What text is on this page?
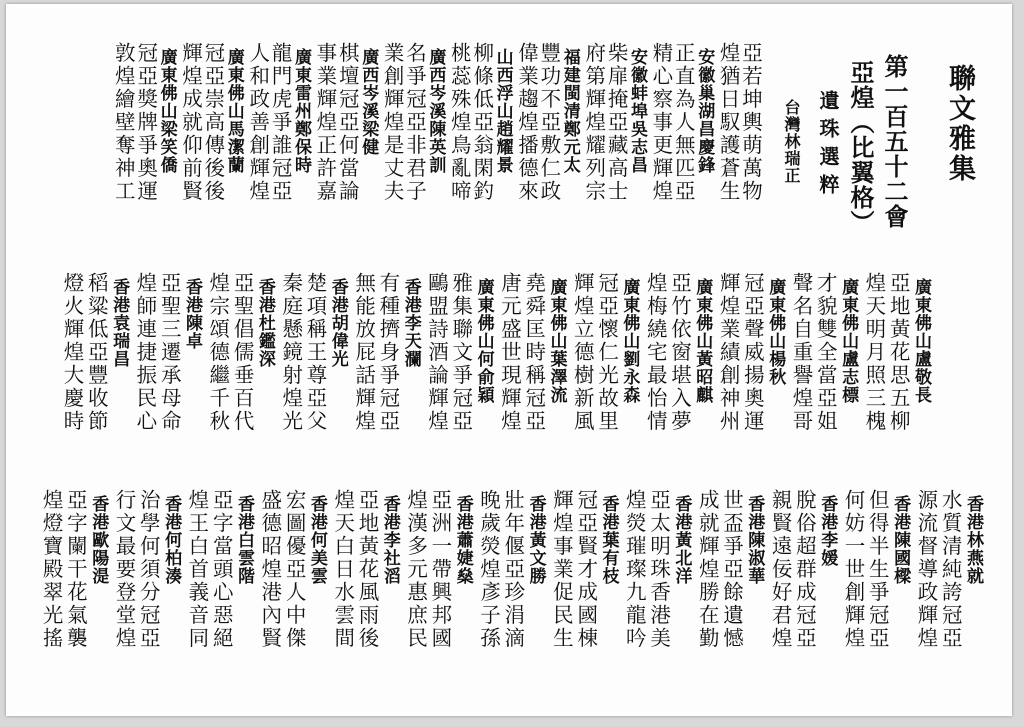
聯文雅集
第一百五十二會
亞煌（比翼格）
遺珠選粹
台灣林瑞正
亞若坤輿萌萬物
煌猶日馭護蒼生
安徽巢湖昌慶鋒
正直為人無匹亞
精心察事更輝煌
安徽蚌埠吳志昌
柴扉掩亞藏高士
府第輝煌耀列宗
福建閩清鄭元太
豐功不亞敷仁政
偉業趨煌播德來
山西浮山趙耀景
柳條低亞翁閑釣
桃蕊殊煌鳥亂啼
廣西岑溪陳英訓
名爭冠亞非君子
業創輝煌是丈夫
廣西岑溪梁健
棋壇冠亞何當論
事業輝煌正許嘉
廣東雷州鄭保時
龍門虎爭誰冠亞
人和政善創輝煌
廣東佛山馬潔蘭
冠亞崇高傳後後
輝煌成就仰前賢
廣東佛山梁笑僑
冠亞獎牌爭奧運
敦煌繪壁奪神工
廣東佛山盧敬長
亞地黃花思五柳
煌天明月照三槐
廣東佛山盧志標
才貌雙全當亞姐
聲名自重譽煌哥
廣東佛山楊秋
冠亞聲威揚奧運
輝煌業績創神州
廣東佛山黃昭麒
亞竹依窗堪入夢
煌梅繞宅最怡情
廣東佛山劉永森
冠亞懷仁光故里
輝煌立德樹新風
廣東佛山葉澤流
堯舜匡時稱冠亞
唐元盛世現輝煌
廣東佛山何俞穎
雅集聯文爭冠亞
鷗盟詩酒論輝煌
香港李天瀾
有種擠身爭冠亞
無能放屁話輝煌
香港胡偉光
楚項稱王尊亞父
秦庭懸鏡射煌光
香港杜鑑深
亞聖倡儒垂百代
煌宗頌德繼千秋
香港陳卓
亞聖三遷承母命
煌師連捷振民心
香港袁瑞昌
稻粱低亞豐收節
燈火輝煌大慶時
香港林燕就
水質清純誇冠亞
源流督導政輝煌
香港陳國樑
但得半生爭冠亞
何妨一世創輝煌
香港李媛
脫俗超群成冠亞
親賢遠佞好君煌
香港陳淑華
世盃爭亞餘遺憾
成就輝煌勝在勤
香港黃北洋
亞太明珠香港美
煌熒璀璨九龍吟
香港葉有枝
冠亞賢才成國棟
輝煌事業促民生
香港黃文勝
壯年偃亞珍涓滴
晚歲熒煌彥子孫
香港蕭婕燊
亞洲一帶興邦國
煌漢多元惠庶民
香港李社滔
亞地黃花風雨後
煌天白日水雲間
香港何美雲
宏圖優亞人中傑
盛德昭煌港內賢
香港白雲階
亞字當頭心惡絕
煌王白首義音同
香港何柏湊
治學何須分冠亞
行文最要登堂煌
香港歐陽湜
亞字闌干花氣襲
煌燈寶殿翠光搖
